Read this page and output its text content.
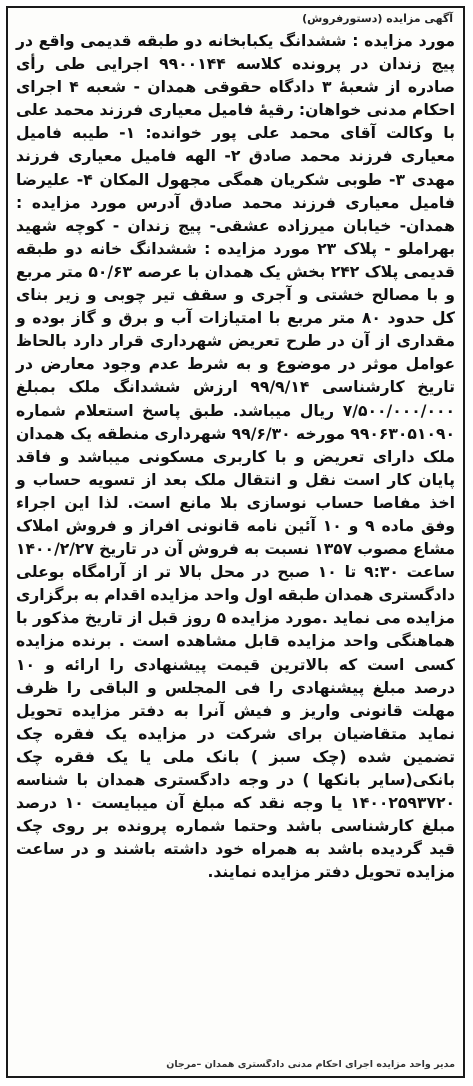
آگهی مزایده (دستورفروش)

مورد مزایده : ششدانگ یکبابخانه دو طبقه قدیمی واقع در پیج زندان در پرونده کلاسه ۹۹۰۰۱۴۴ اجرایی طی رأی صادره از شعبهٔ ۳ دادگاه حقوقی همدان - شعبه ۴ اجرای احکام مدنی خواهان: رقیهٔ فامیل معیاری فرزند محمد علی با وکالت آقای محمد علی پور خوانده: ۱- طیبه فامیل معیاری فرزند محمد صادق ۲- الهه فامیل معیاری فرزند مهدی ۳- طوبی شکریان همگی مجهول المکان ۴- علیرضا فامیل معیاری فرزند محمد صادق آدرس مورد مزایده : همدان- خیابان میرزاده عشقی- پیج زندان - کوچه شهید بهراملو - پلاک ۲۳ مورد مزایده : ششدانگ خانه دو طبقه قدیمی پلاک ۲۴۲ بخش یک همدان با عرصه ۵۰/۶۳ متر مربع و با مصالح خشتی و آجری و سقف تیر چوبی و زیر بنای کل حدود ۸۰ متر مربع با امتیازات آب و برق و گاز بوده و مقداری از آن در طرح تعریض شهرداری قرار دارد بالحاظ عوامل موثر در موضوع و به شرط عدم وجود معارض در تاریخ کارشناسی ۹۹/۹/۱۴ ارزش ششدانگ ملک بمبلغ ۷/۵۰۰/۰۰۰/۰۰۰ ریال میباشد. طبق پاسخ استعلام شماره ۹۹۰۶۳۰۵۱۰۹۰ مورخه ۹۹/۶/۳۰ شهرداری منطقه یک همدان ملک دارای تعریض و با کاربری مسکونی میباشد و فاقد پایان کار است نقل و انتقال ملک بعد از تسویه حساب و اخذ مفاصا حساب نوسازی بلا مانع است. لذا این اجراء وفق ماده ۹ و ۱۰ آئین نامه قانونی افراز و فروش املاک مشاع مصوب ۱۳۵۷ نسبت به فروش آن در تاریخ ۱۴۰۰/۲/۲۷ ساعت ۹:۳۰ تا ۱۰ صبح در محل بالا تر از آرامگاه بوعلی دادگستری همدان طبقه اول واحد مزایده اقدام به برگزاری مزایده می نماید .مورد مزایده ۵ روز قبل از تاریخ مذکور با هماهنگی واحد مزایده قابل مشاهده است . برنده مزایده کسی است که بالاترین قیمت پیشنهادی را ارائه و ۱۰ درصد مبلغ پیشنهادی را فی المجلس و الباقی را ظرف مهلت قانونی واریز و فیش آنرا به دفتر مزایده تحویل نماید متقاضیان برای شرکت در مزایده یک فقره چک تضمین شده (چک سبز ) بانک ملی یا یک فقره چک بانکی(سایر بانکها ) در وجه دادگستری همدان با شناسه ۱۴۰۰۲۵۹۳۷۲۰ یا وجه نقد که مبلغ آن میبایست ۱۰ درصد مبلغ کارشناسی باشد وحتما شماره پرونده بر روی چک قید گردیده باشد به همراه خود داشته باشند و در ساعت مزایده تحویل دفتر مزایده نمایند.

مدیر واحد مزایده اجرای احکام مدنی دادگستری همدان –مرجان
